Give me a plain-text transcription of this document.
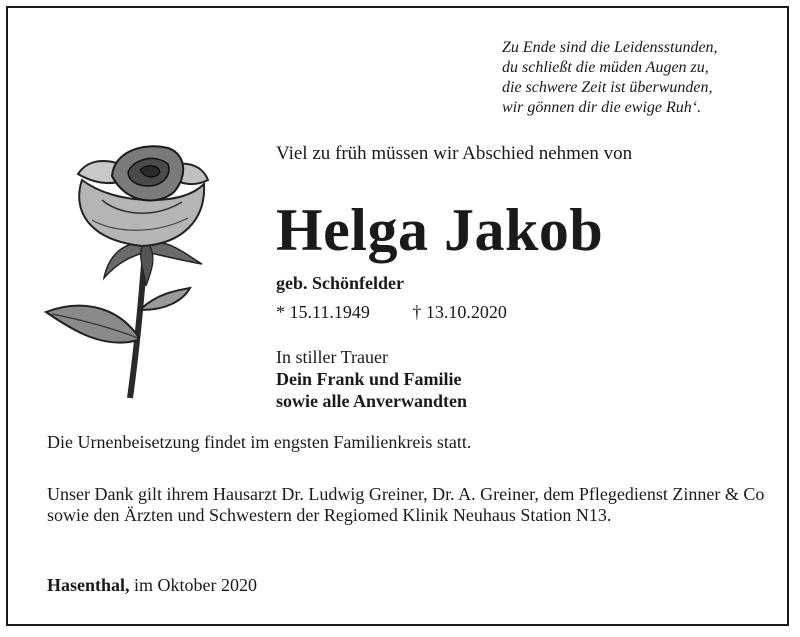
Zu Ende sind die Leidensstunden,
du schließt die müden Augen zu,
die schwere Zeit ist überwunden,
wir gönnen dir die ewige Ruh‘.
Viel zu früh müssen wir Abschied nehmen von
Helga Jakob
geb. Schönfelder
* 15.11.1949 † 13.10.2020
In stiller Trauer
Dein Frank und Familie
sowie alle Anverwandten
Die Urnenbeisetzung findet im engsten Familienkreis statt.
Unser Dank gilt ihrem Hausarzt Dr. Ludwig Greiner, Dr. A. Greiner, dem Pflegedienst Zinner & Co sowie den Ärzten und Schwestern der Regiomed Klinik Neuhaus Station N13.
Hasenthal, im Oktober 2020
